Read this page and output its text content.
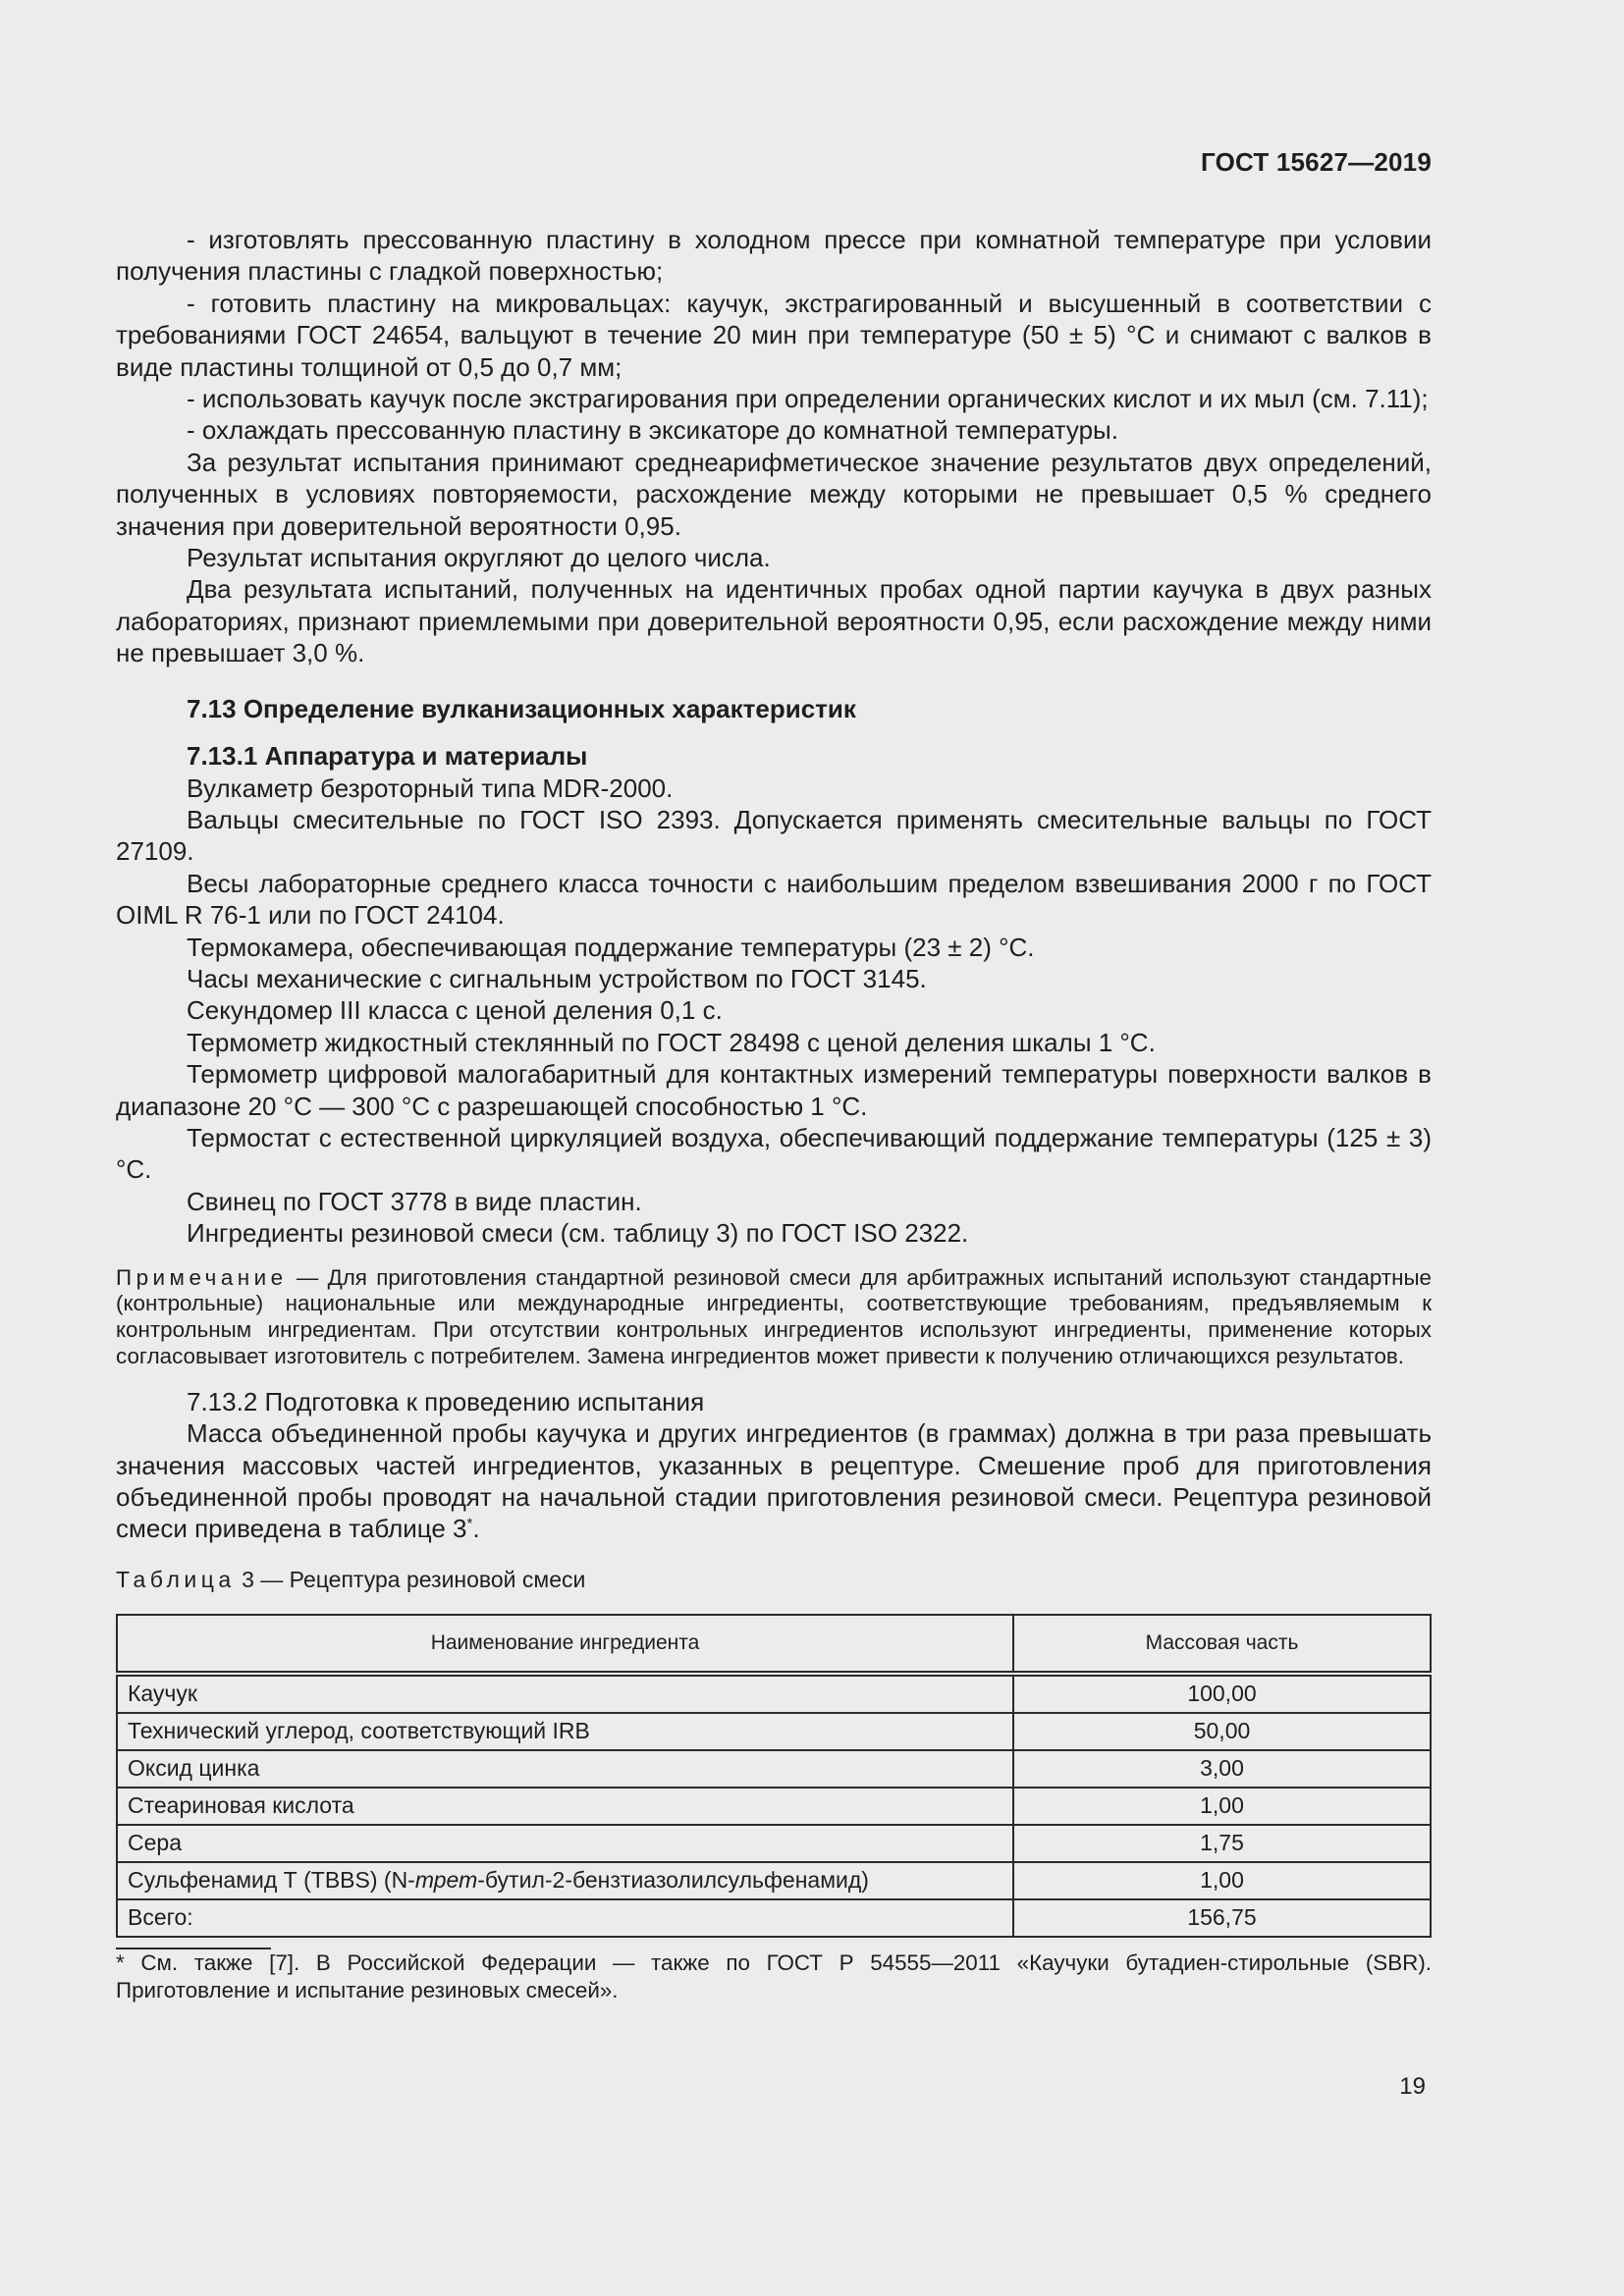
ГОСТ 15627—2019

- изготовлять прессованную пластину в холодном прессе при комнатной температуре при условии получения пластины с гладкой поверхностью;

- готовить пластину на микровальцах: каучук, экстрагированный и высушенный в соответствии с требованиями ГОСТ 24654, вальцуют в течение 20 мин при температуре (50 ± 5) °С и снимают с валков в виде пластины толщиной от 0,5 до 0,7 мм;

- использовать каучук после экстрагирования при определении органических кислот и их мыл (см. 7.11);

- охлаждать прессованную пластину в эксикаторе до комнатной температуры.

За результат испытания принимают среднеарифметическое значение результатов двух определений, полученных в условиях повторяемости, расхождение между которыми не превышает 0,5 % среднего значения при доверительной вероятности 0,95.

Результат испытания округляют до целого числа.

Два результата испытаний, полученных на идентичных пробах одной партии каучука в двух разных лабораториях, признают приемлемыми при доверительной вероятности 0,95, если расхождение между ними не превышает 3,0 %.

7.13 Определение вулканизационных характеристик

7.13.1 Аппаратура и материалы

Вулкаметр безроторный типа MDR-2000.

Вальцы смесительные по ГОСТ ISO 2393. Допускается применять смесительные вальцы по ГОСТ 27109.

Весы лабораторные среднего класса точности с наибольшим пределом взвешивания 2000 г по ГОСТ OIML R 76-1 или по ГОСТ 24104.

Термокамера, обеспечивающая поддержание температуры (23 ± 2) °С.

Часы механические с сигнальным устройством по ГОСТ 3145.

Секундомер III класса с ценой деления 0,1 с.

Термометр жидкостный стеклянный по ГОСТ 28498 с ценой деления шкалы 1 °С.

Термометр цифровой малогабаритный для контактных измерений температуры поверхности валков в диапазоне 20 °С — 300 °С с разрешающей способностью 1 °С.

Термостат с естественной циркуляцией воздуха, обеспечивающий поддержание температуры (125 ± 3) °С.

Свинец по ГОСТ 3778 в виде пластин.

Ингредиенты резиновой смеси (см. таблицу 3) по ГОСТ ISO 2322.

Примечание — Для приготовления стандартной резиновой смеси для арбитражных испытаний используют стандартные (контрольные) национальные или международные ингредиенты, соответствующие требованиям, предъявляемым к контрольным ингредиентам. При отсутствии контрольных ингредиентов используют ингредиенты, применение которых согласовывает изготовитель с потребителем. Замена ингредиентов может привести к получению отличающихся результатов.

7.13.2 Подготовка к проведению испытания

Масса объединенной пробы каучука и других ингредиентов (в граммах) должна в три раза превышать значения массовых частей ингредиентов, указанных в рецептуре. Смешение проб для приготовления объединенной пробы проводят на начальной стадии приготовления резиновой смеси. Рецептура резиновой смеси приведена в таблице 3*.

Таблица 3 — Рецептура резиновой смеси
Наименование ингредиента	Массовая часть
Каучук	100,00
Технический углерод, соответствующий IRB	50,00
Оксид цинка	3,00
Стеариновая кислота	1,00
Сера	1,75
Сульфенамид Т (TBBS) (N-трет-бутил-2-бензтиазолилсульфенамид)	1,00
Всего:	156,75

* См. также [7]. В Российской Федерации — также по ГОСТ Р 54555—2011 «Каучуки бутадиен-стирольные (SBR). Приготовление и испытание резиновых смесей».

19
